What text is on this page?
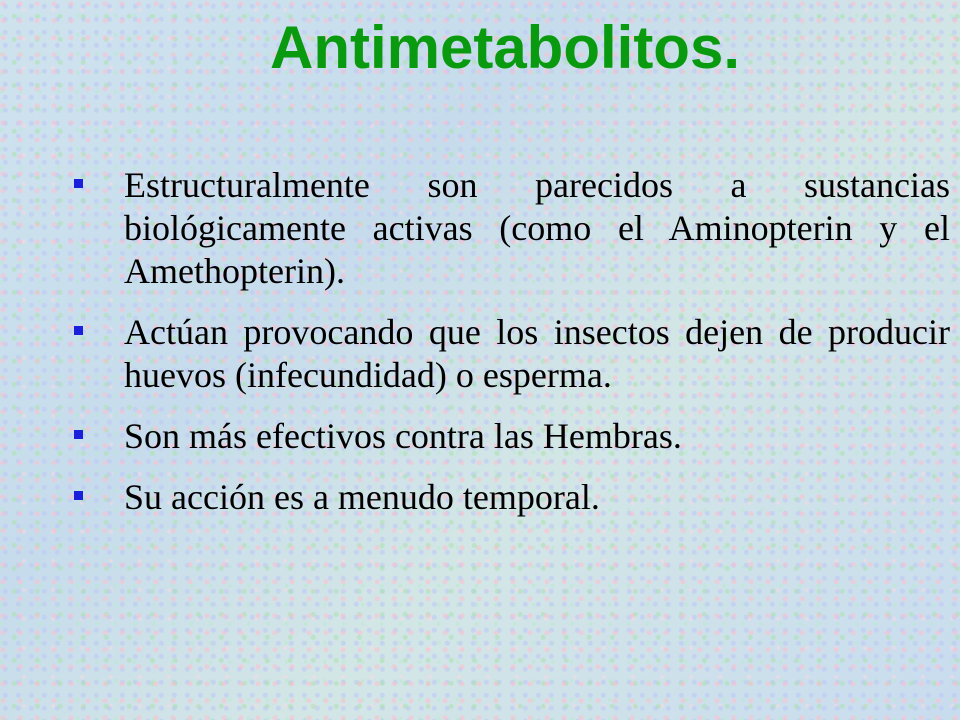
Antimetabolitos.
Estructuralmente son parecidos a sustancias biológicamente activas (como el Aminopterin y el Amethopterin).
Actúan provocando que los insectos dejen de producir huevos (infecundidad) o esperma.
Son más efectivos contra las Hembras.
Su acción es a menudo temporal.
